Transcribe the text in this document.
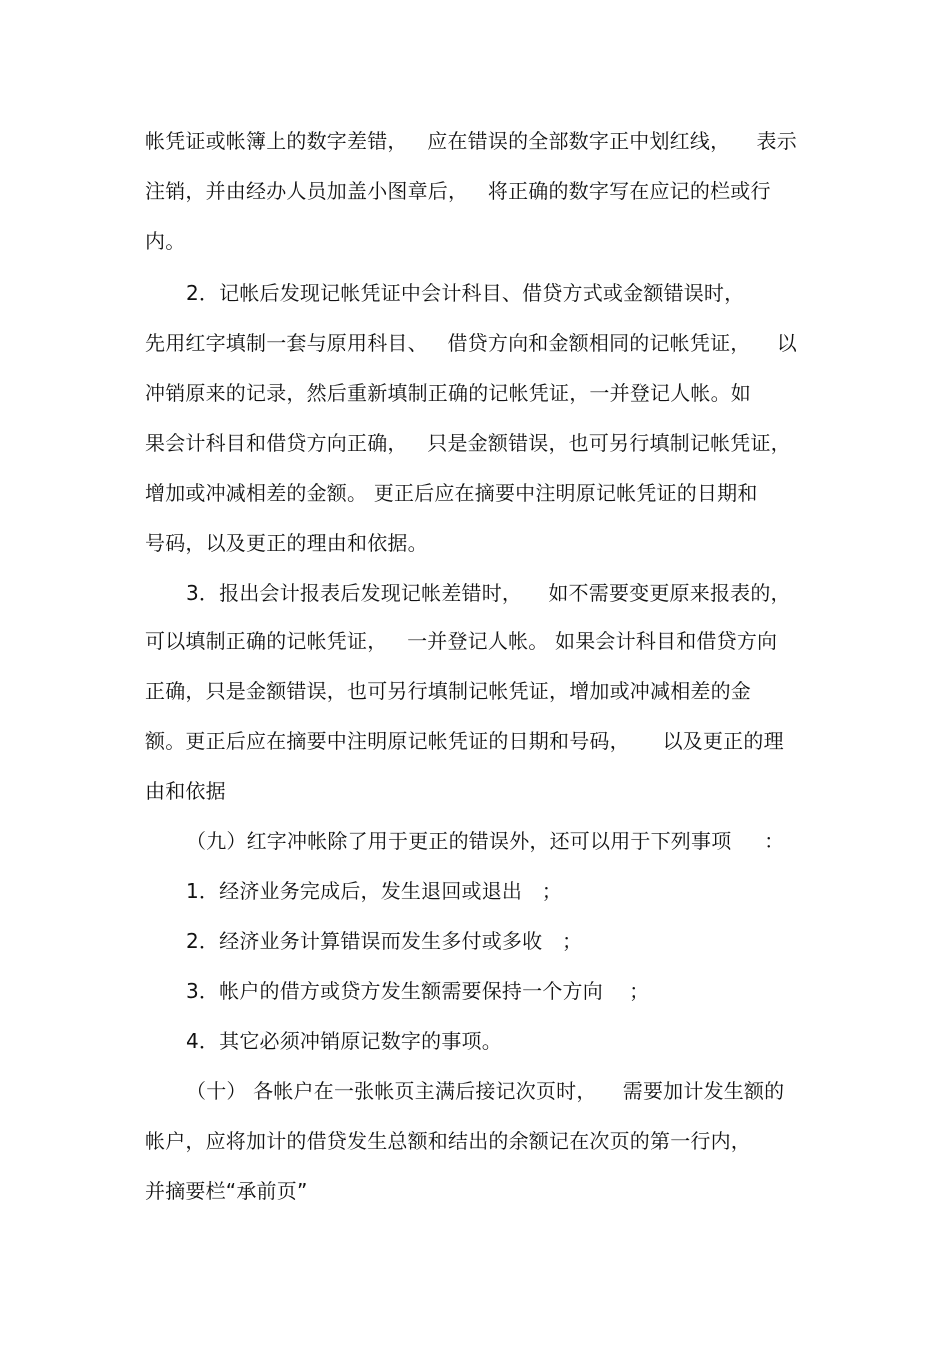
帐凭证或帐簿上的数字差错，   应在错误的全部数字正中划红线，    表示
注销，并由经办人员加盖小图章后，   将正确的数字写在应记的栏或行
内。
2．记帐后发现记帐凭证中会计科目、借贷方式或金额错误时，
先用红字填制一套与原用科目、   借贷方向和金额相同的记帐凭证，    以
冲销原来的记录，然后重新填制正确的记帐凭证，一并登记人帐。如
果会计科目和借贷方向正确，   只是金额错误，也可另行填制记帐凭证，
增加或冲减相差的金额。 更正后应在摘要中注明原记帐凭证的日期和
号码，以及更正的理由和依据。
3．报出会计报表后发现记帐差错时，    如不需要变更原来报表的，
可以填制正确的记帐凭证，   一并登记人帐。 如果会计科目和借贷方向
正确，只是金额错误，也可另行填制记帐凭证，增加或冲减相差的金
额。更正后应在摘要中注明原记帐凭证的日期和号码，     以及更正的理
由和依据
（九）红字冲帐除了用于更正的错误外，还可以用于下列事项     ：
1．经济业务完成后，发生退回或退出   ；
2．经济业务计算错误而发生多付或多收   ；
3．帐户的借方或贷方发生额需要保持一个方向    ；
4．其它必须冲销原记数字的事项。
（十） 各帐户在一张帐页主满后接记次页时，    需要加计发生额的
帐户，应将加计的借贷发生总额和结出的余额记在次页的第一行内，
并摘要栏“承前页”
